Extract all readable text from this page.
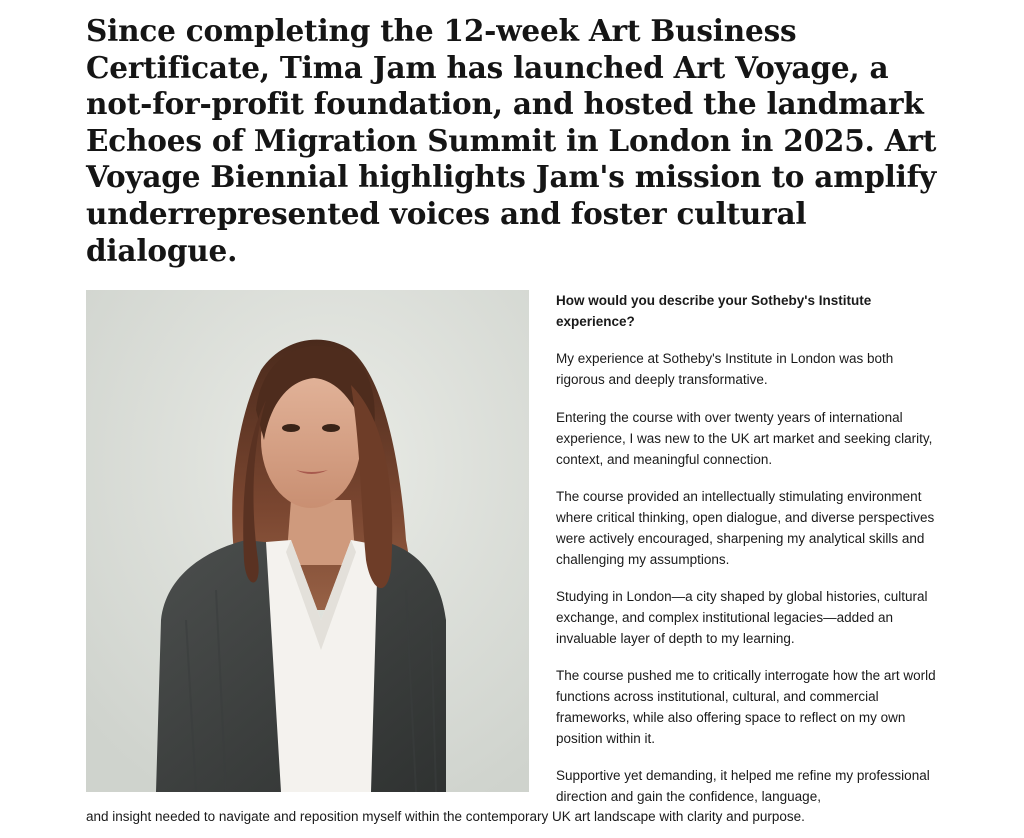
Since completing the 12-week Art Business Certificate, Tima Jam has launched Art Voyage, a not-for-profit foundation, and hosted the landmark Echoes of Migration Summit in London in 2025. Art Voyage Biennial highlights Jam's mission to amplify underrepresented voices and foster cultural dialogue.

How would you describe your Sotheby's Institute experience?

My experience at Sotheby's Institute in London was both rigorous and deeply transformative.

Entering the course with over twenty years of international experience, I was new to the UK art market and seeking clarity, context, and meaningful connection.

The course provided an intellectually stimulating environment where critical thinking, open dialogue, and diverse perspectives were actively encouraged, sharpening my analytical skills and challenging my assumptions.

Studying in London—a city shaped by global histories, cultural exchange, and complex institutional legacies—added an invaluable layer of depth to my learning.

The course pushed me to critically interrogate how the art world functions across institutional, cultural, and commercial frameworks, while also offering space to reflect on my own position within it.

Supportive yet demanding, it helped me refine my professional direction and gain the confidence, language,

and insight needed to navigate and reposition myself within the contemporary UK art landscape with clarity and purpose.
